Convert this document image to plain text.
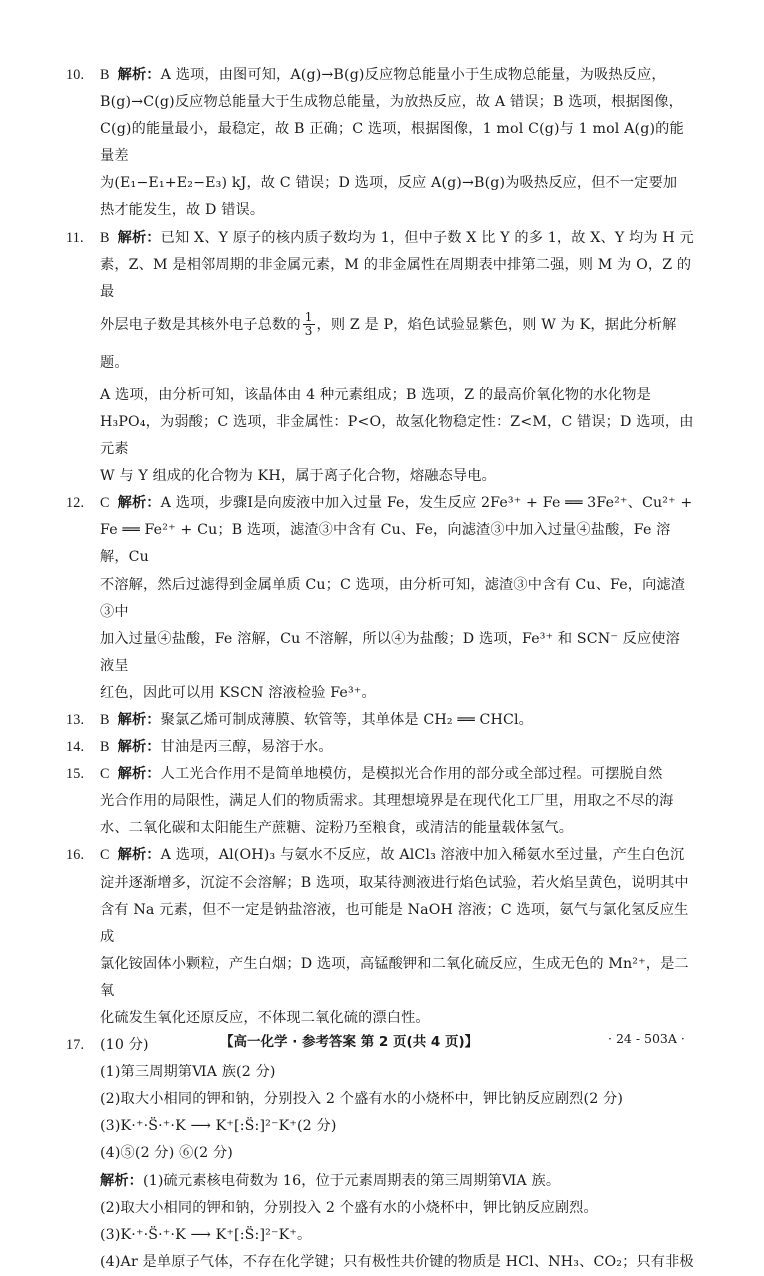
10. B 解析：A 选项，由图可知，A(g)→B(g)反应物总能量小于生成物总能量，为吸热反应，
B(g)→C(g)反应物总能量大于生成物总能量，为放热反应，故 A 错误；B 选项，根据图像，
C(g)的能量最小，最稳定，故 B 正确；C 选项，根据图像，1 mol C(g)与 1 mol A(g)的能量差
为(E₁−E₁+E₂−E₃) kJ，故 C 错误；D 选项，反应 A(g)→B(g)为吸热反应，但不一定要加
热才能发生，故 D 错误。
11. B 解析：已知 X、Y 原子的核内质子数均为 1，但中子数 X 比 Y 的多 1，故 X、Y 均为 H 元
素，Z、M 是相邻周期的非金属元素，M 的非金属性在周期表中排第二强，则 M 为 O，Z 的最
外层电子数是其核外电子总数的 $\frac{1}{3}$ ，则 Z 是 P，焰色试验显紫色，则 W 为 K，据此分析解题。
A 选项，由分析可知，该晶体由 4 种元素组成；B 选项，Z 的最高价氧化物的水化物是
H₃PO₄，为弱酸；C 选项，非金属性：P<O，故氢化物稳定性：Z<M，C 错误；D 选项，由元素
W 与 Y 组成的化合物为 KH，属于离子化合物，熔融态导电。
12. C 解析：A 选项，步骤Ⅰ是向废液中加入过量 Fe，发生反应 2Fe³⁺ + Fe ══ 3Fe²⁺、Cu²⁺ +
Fe ══ Fe²⁺ + Cu；B 选项，滤渣③中含有 Cu、Fe，向滤渣③中加入过量④盐酸，Fe 溶解，Cu
不溶解，然后过滤得到金属单质 Cu；C 选项，由分析可知，滤渣③中含有 Cu、Fe，向滤渣③中
加入过量④盐酸，Fe 溶解，Cu 不溶解，所以④为盐酸；D 选项，Fe³⁺ 和 SCN⁻ 反应使溶液呈
红色，因此可以用 KSCN 溶液检验 Fe³⁺。
13. B 解析：聚氯乙烯可制成薄膜、软管等，其单体是 CH₂ ══ CHCl。
14. B 解析：甘油是丙三醇，易溶于水。
15. C 解析：人工光合作用不是简单地模仿，是模拟光合作用的部分或全部过程。可摆脱自然
光合作用的局限性，满足人们的物质需求。其理想境界是在现代化工厂里，用取之不尽的海
水、二氧化碳和太阳能生产蔗糖、淀粉乃至粮食，或清洁的能量载体氢气。
16. C 解析：A 选项，Al(OH)₃ 与氨水不反应，故 AlCl₃ 溶液中加入稀氨水至过量，产生白色沉
淀并逐渐增多，沉淀不会溶解；B 选项，取某待测液进行焰色试验，若火焰呈黄色，说明其中
含有 Na 元素，但不一定是钠盐溶液，也可能是 NaOH 溶液；C 选项，氨气与氯化氢反应生成
氯化铵固体小颗粒，产生白烟；D 选项，高锰酸钾和二氧化硫反应，生成无色的 Mn²⁺，是二氧
化硫发生氧化还原反应，不体现二氧化硫的漂白性。
17. (10 分)
(1)第三周期第ⅥA 族(2 分)
(2)取大小相同的钾和钠，分别投入 2 个盛有水的小烧杯中，钾比钠反应剧烈(2 分)
(3)K·⁺·S̈·⁺·K ⟶ K⁺[:S̈:]²⁻K⁺(2 分)
(4)⑤(2 分) ⑥(2 分)
解析：(1)硫元素核电荷数为 16，位于元素周期表的第三周期第ⅥA 族。
(2)取大小相同的钾和钠，分别投入 2 个盛有水的小烧杯中，钾比钠反应剧烈。
(3)K·⁺·S̈·⁺·K ⟶ K⁺[:S̈:]²⁻K⁺。
(4)Ar 是单原子气体，不存在化学键；只有极性共价键的物质是 HCl、NH₃、CO₂；只有非极
【高一化学 · 参考答案 第 2 页(共 4 页)】	· 24 - 503A ·
